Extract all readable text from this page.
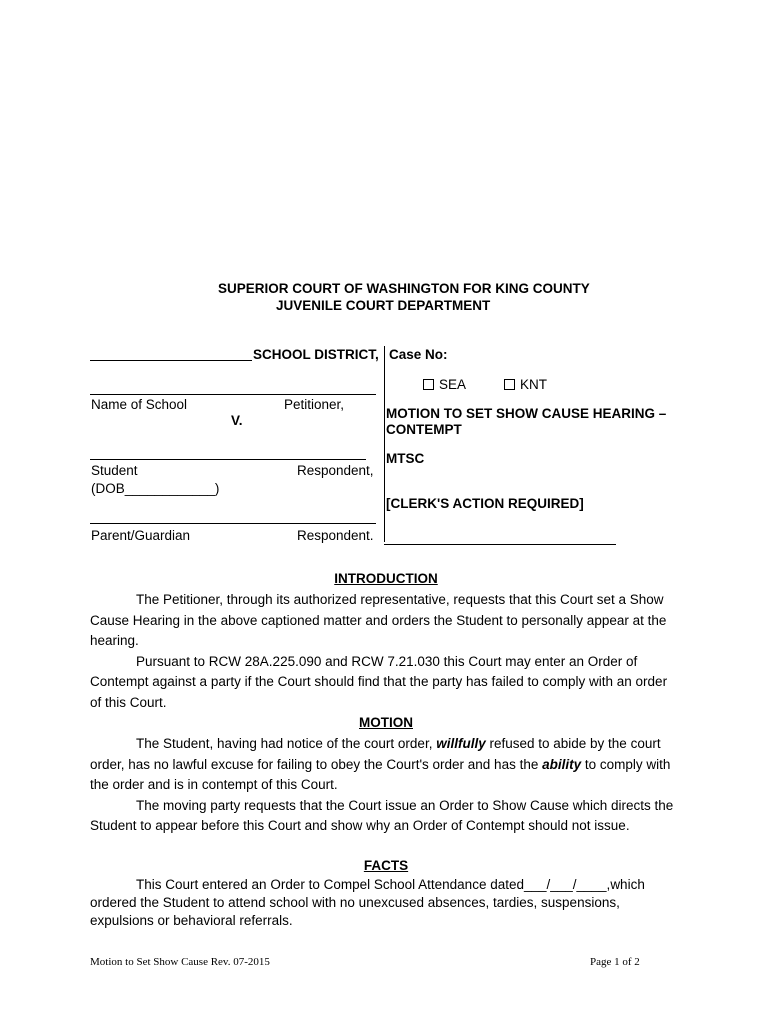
SUPERIOR COURT OF WASHINGTON FOR KING COUNTY
JUVENILE COURT DEPARTMENT
SCHOOL DISTRICT,
Name of School	Petitioner,
V.
Student	Respondent,
(DOB____________)
Parent/Guardian	Respondent.
Case No:
SEA	KNT
MOTION TO SET SHOW CAUSE HEARING –
CONTEMPT
MTSC
[CLERK'S ACTION REQUIRED]
INTRODUCTION

The Petitioner, through its authorized representative, requests that this Court set a Show Cause Hearing in the above captioned matter and orders the Student to personally appear at the hearing.

Pursuant to RCW 28A.225.090 and RCW 7.21.030 this Court may enter an Order of Contempt against a party if the Court should find that the party has failed to comply with an order of this Court.

MOTION

The Student, having had notice of the court order, willfully refused to abide by the court order, has no lawful excuse for failing to obey the Court's order and has the ability to comply with the order and is in contempt of this Court.

The moving party requests that the Court issue an Order to Show Cause which directs the Student to appear before this Court and show why an Order of Contempt should not issue.

FACTS

This Court entered an Order to Compel School Attendance dated___/___/____,which ordered the Student to attend school with no unexcused absences, tardies, suspensions, expulsions or behavioral referrals.

Motion to Set Show Cause Rev. 07-2015	Page 1 of 2
